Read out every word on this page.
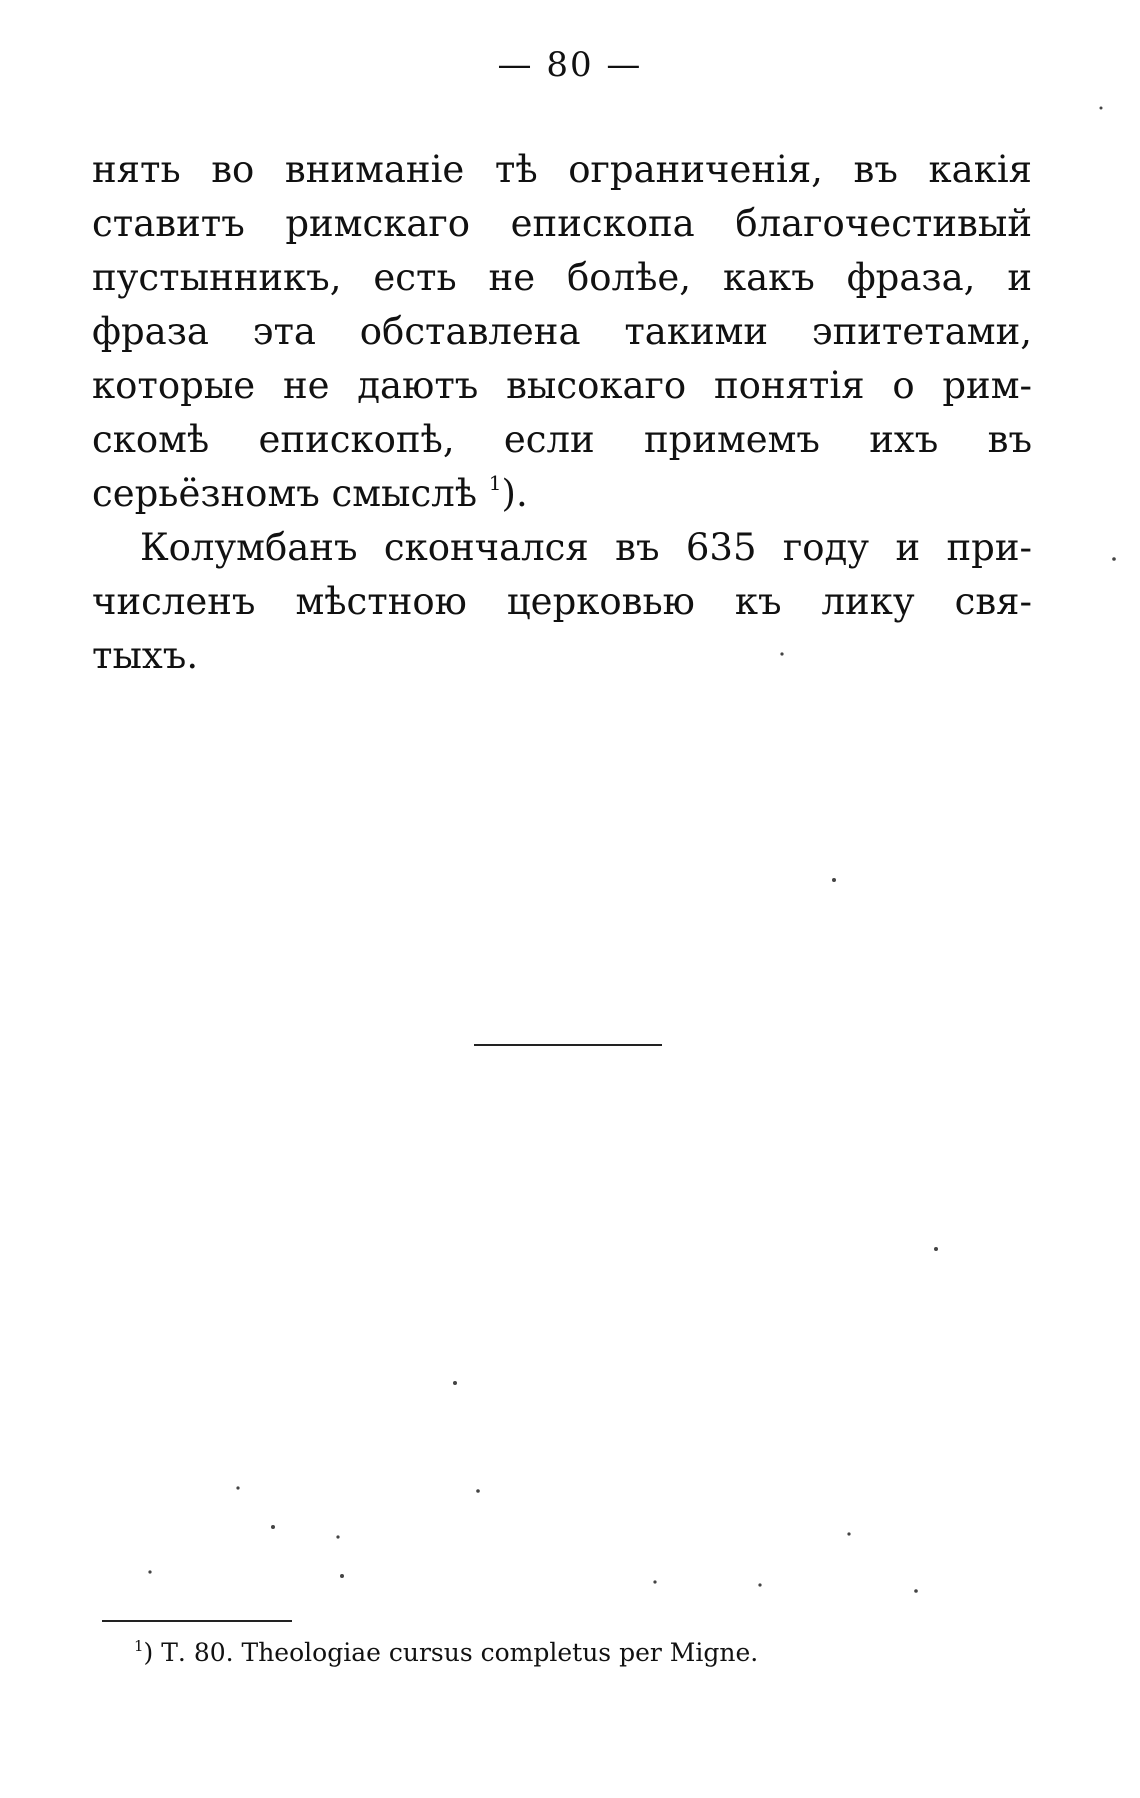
— 80 —
нять во вниманіе тѣ ограниченія, въ какія
ставитъ римскаго епископа благочестивый
пустынникъ, есть не болѣе, какъ фраза, и
фраза эта обставлена такими эпитетами,
которые не даютъ высокаго понятія о рим-
скомѣ епископѣ, если примемъ ихъ въ
серьёзномъ смыслѣ $^1$).
Колумбанъ скончался въ 635 году и при-
численъ мѣстною церковью къ лику свя-
тыхъ.
$^1$) Т. 80. Theologiae cursus completus per Migne.
